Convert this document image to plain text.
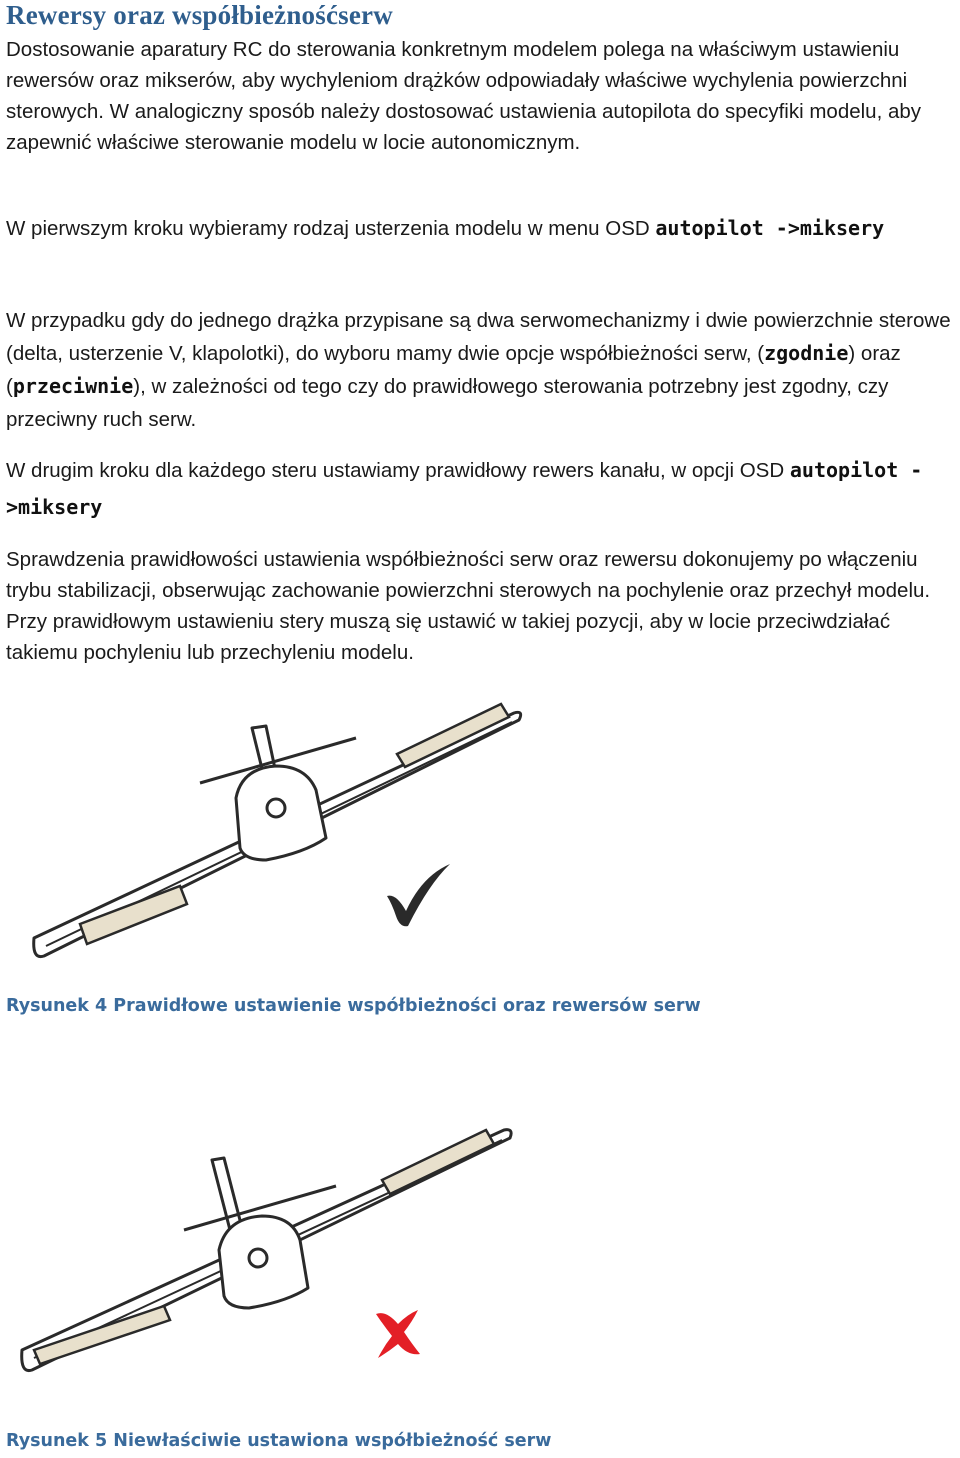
Rewersy oraz współbieżnośćserw

Dostosowanie aparatury RC do sterowania konkretnym modelem polega na właściwym ustawieniu rewersów oraz mikserów, aby wychyleniom drążków odpowiadały właściwe wychylenia powierzchni sterowych. W analogiczny sposób należy dostosować ustawienia autopilota do specyfiki modelu, aby zapewnić właściwe sterowanie modelu w locie autonomicznym.

W pierwszym kroku wybieramy rodzaj usterzenia modelu w menu OSD autopilot ->miksery

W przypadku gdy do jednego drążka przypisane są dwa serwomechanizmy i dwie powierzchnie sterowe (delta, usterzenie V, klapolotki), do wyboru mamy dwie opcje współbieżności serw, (zgodnie) oraz (przeciwnie), w zależności od tego czy do prawidłowego sterowania potrzebny jest zgodny, czy przeciwny ruch serw.

W drugim kroku dla każdego steru ustawiamy prawidłowy rewers kanału, w opcji OSD autopilot ->miksery

Sprawdzenia prawidłowości ustawienia współbieżności serw oraz rewersu dokonujemy po włączeniu trybu stabilizacji, obserwując zachowanie powierzchni sterowych na pochylenie oraz przechył modelu. Przy prawidłowym ustawieniu stery muszą się ustawić w takiej pozycji, aby w locie przeciwdziałać takiemu pochyleniu lub przechyleniu modelu.

Rysunek 4 Prawidłowe ustawienie współbieżności oraz rewersów serw

Rysunek 5 Niewłaściwie ustawiona współbieżność serw
